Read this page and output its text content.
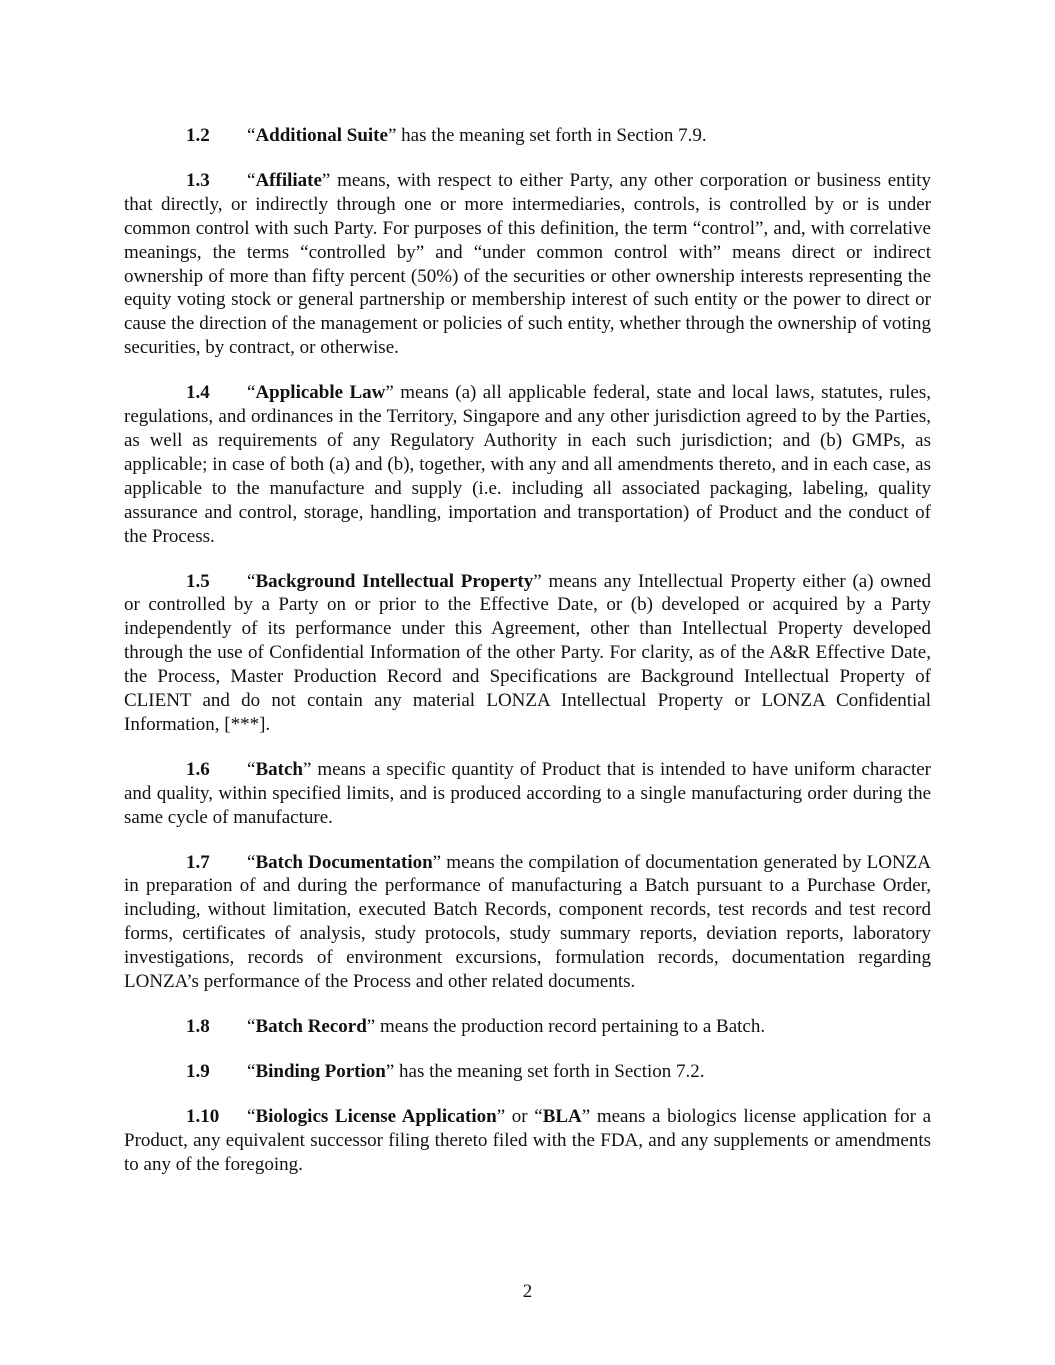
1.2 “Additional Suite” has the meaning set forth in Section 7.9.

1.3 “Affiliate” means, with respect to either Party, any other corporation or business entity that directly, or indirectly through one or more intermediaries, controls, is controlled by or is under common control with such Party. For purposes of this definition, the term “control”, and, with correlative meanings, the terms “controlled by” and “under common control with” means direct or indirect ownership of more than fifty percent (50%) of the securities or other ownership interests representing the equity voting stock or general partnership or membership interest of such entity or the power to direct or cause the direction of the management or policies of such entity, whether through the ownership of voting securities, by contract, or otherwise.

1.4 “Applicable Law” means (a) all applicable federal, state and local laws, statutes, rules, regulations, and ordinances in the Territory, Singapore and any other jurisdiction agreed to by the Parties, as well as requirements of any Regulatory Authority in each such jurisdiction; and (b) GMPs, as applicable; in case of both (a) and (b), together, with any and all amendments thereto, and in each case, as applicable to the manufacture and supply (i.e. including all associated packaging, labeling, quality assurance and control, storage, handling, importation and transportation) of Product and the conduct of the Process.

1.5 “Background Intellectual Property” means any Intellectual Property either (a) owned or controlled by a Party on or prior to the Effective Date, or (b) developed or acquired by a Party independently of its performance under this Agreement, other than Intellectual Property developed through the use of Confidential Information of the other Party. For clarity, as of the A&R Effective Date, the Process, Master Production Record and Specifications are Background Intellectual Property of CLIENT and do not contain any material LONZA Intellectual Property or LONZA Confidential Information, [***].

1.6 “Batch” means a specific quantity of Product that is intended to have uniform character and quality, within specified limits, and is produced according to a single manufacturing order during the same cycle of manufacture.

1.7 “Batch Documentation” means the compilation of documentation generated by LONZA in preparation of and during the performance of manufacturing a Batch pursuant to a Purchase Order, including, without limitation, executed Batch Records, component records, test records and test record forms, certificates of analysis, study protocols, study summary reports, deviation reports, laboratory investigations, records of environment excursions, formulation records, documentation regarding LONZA’s performance of the Process and other related documents.

1.8 “Batch Record” means the production record pertaining to a Batch.

1.9 “Binding Portion” has the meaning set forth in Section 7.2.

1.10 “Biologics License Application” or “BLA” means a biologics license application for a Product, any equivalent successor filing thereto filed with the FDA, and any supplements or amendments to any of the foregoing.

2
